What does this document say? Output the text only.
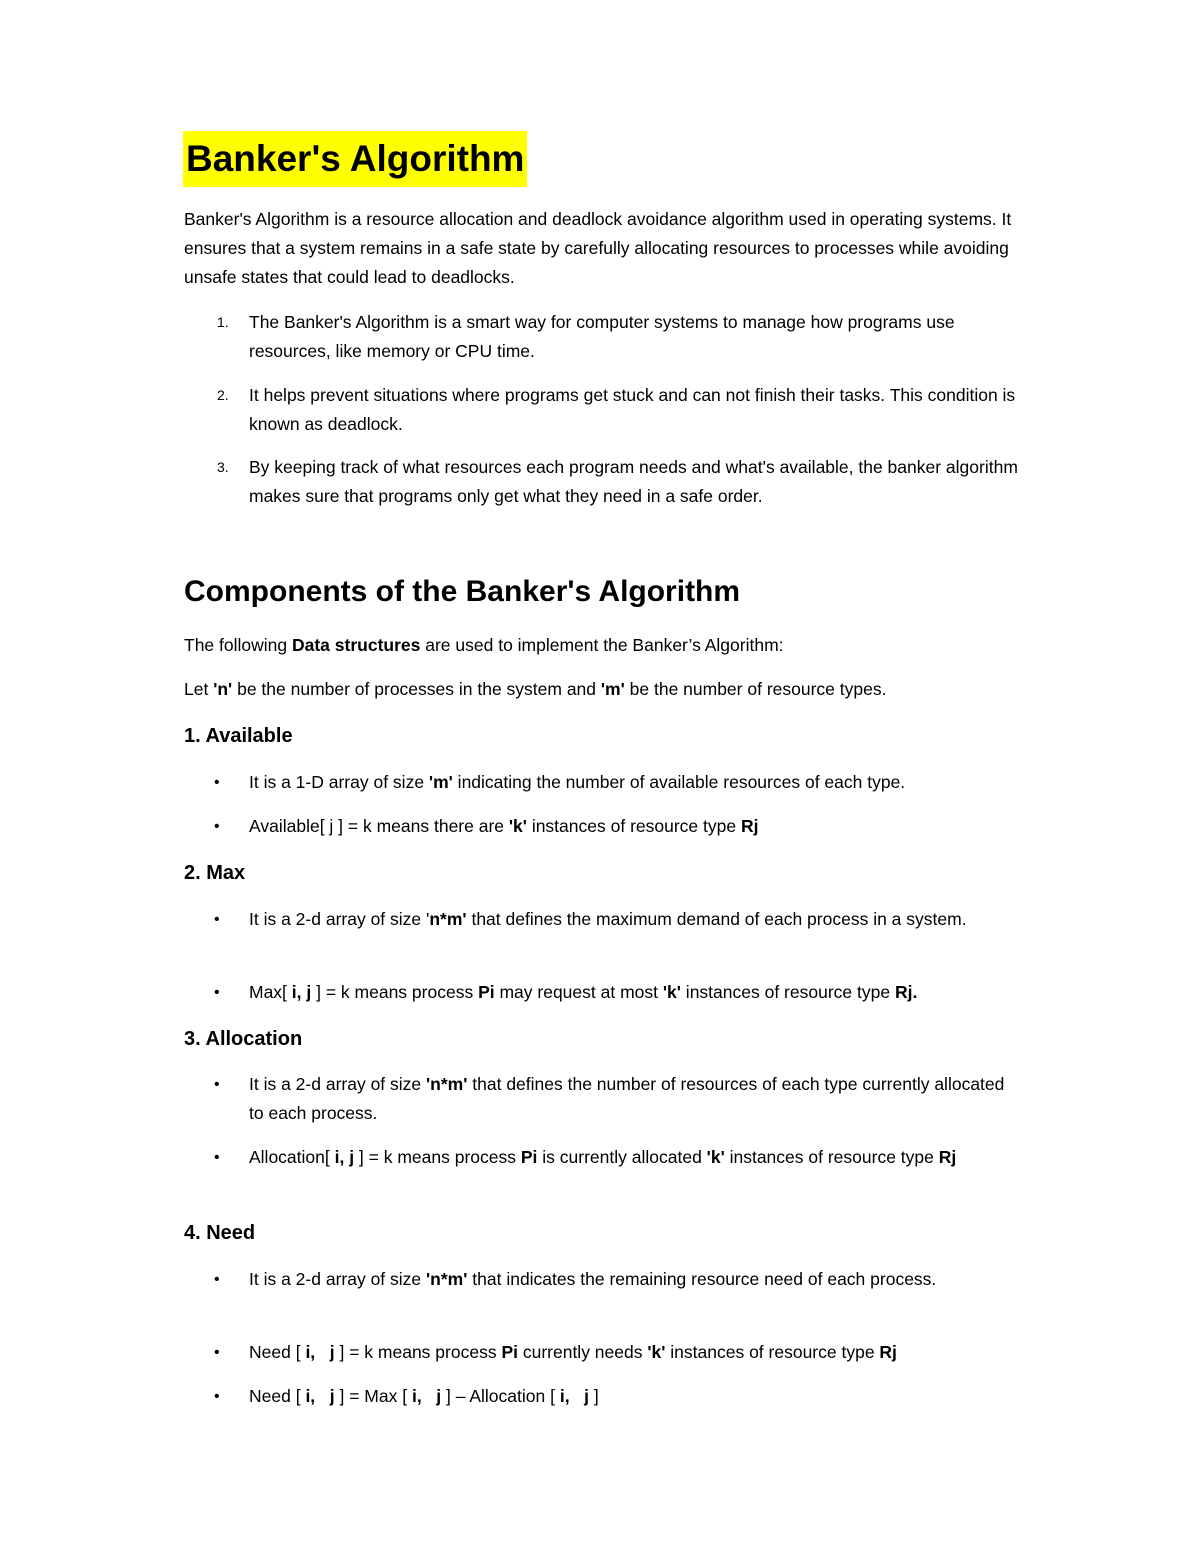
Banker's Algorithm
Banker's Algorithm is a resource allocation and deadlock avoidance algorithm used in operating systems. It ensures that a system remains in a safe state by carefully allocating resources to processes while avoiding unsafe states that could lead to deadlocks.
1. The Banker's Algorithm is a smart way for computer systems to manage how programs use resources, like memory or CPU time.
2. It helps prevent situations where programs get stuck and can not finish their tasks. This condition is known as deadlock.
3. By keeping track of what resources each program needs and what's available, the banker algorithm makes sure that programs only get what they need in a safe order.
Components of the Banker's Algorithm
The following Data structures are used to implement the Banker’s Algorithm:
Let 'n' be the number of processes in the system and 'm' be the number of resource types.
1. Available
• It is a 1-D array of size 'm' indicating the number of available resources of each type.
• Available[ j ] = k means there are 'k' instances of resource type Rj
2. Max
• It is a 2-d array of size 'n*m' that defines the maximum demand of each process in a system.
• Max[ i, j ] = k means process Pi may request at most 'k' instances of resource type Rj.
3. Allocation
• It is a 2-d array of size 'n*m' that defines the number of resources of each type currently allocated to each process.
• Allocation[ i, j ] = k means process Pi is currently allocated 'k' instances of resource type Rj
4. Need
• It is a 2-d array of size 'n*m' that indicates the remaining resource need of each process.
• Need [ i,   j ] = k means process Pi currently needs 'k' instances of resource type Rj
• Need [ i,   j ] = Max [ i,   j ] – Allocation [ i,   j ]
